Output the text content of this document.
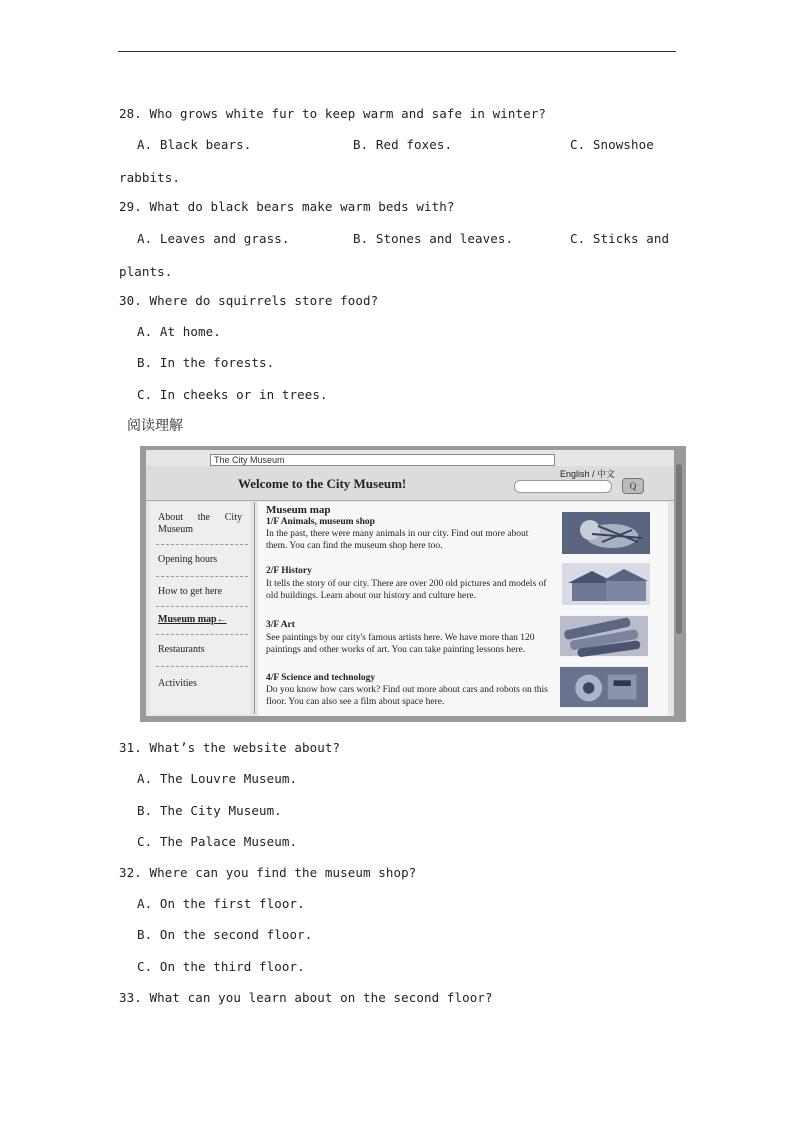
28. Who grows white fur to keep warm and safe in winter?
A. Black bears.	B. Red foxes.	C. Snowshoe
rabbits.
29. What do black bears make warm beds with?
A. Leaves and grass.	B. Stones and leaves.	C. Sticks and
plants.
30. Where do squirrels store food?
A. At home.
B. In the forests.
C. In cheeks or in trees.
阅读理解
The City Museum
Welcome to the City Museum!
English / 中文
Q
About the City Museum
Opening hours
How to get here
Museum map←
Restaurants
Activities
Museum map
1/F Animals, museum shop
In the past, there were many animals in our city. Find out more about them. You can find the museum shop here too.
2/F History
It tells the story of our city. There are over 200 old pictures and models of old buildings. Learn about our history and culture here.
3/F Art
See paintings by our city's famous artists here. We have more than 120 paintings and other works of art. You can take painting lessons here.
4/F Science and technology
Do you know how cars work? Find out more about cars and robots on this floor. You can also see a film about space here.
31. What’s the website about?
A. The Louvre Museum.
B. The City Museum.
C. The Palace Museum.
32. Where can you find the museum shop?
A. On the first floor.
B. On the second floor.
C. On the third floor.
33. What can you learn about on the second floor?
